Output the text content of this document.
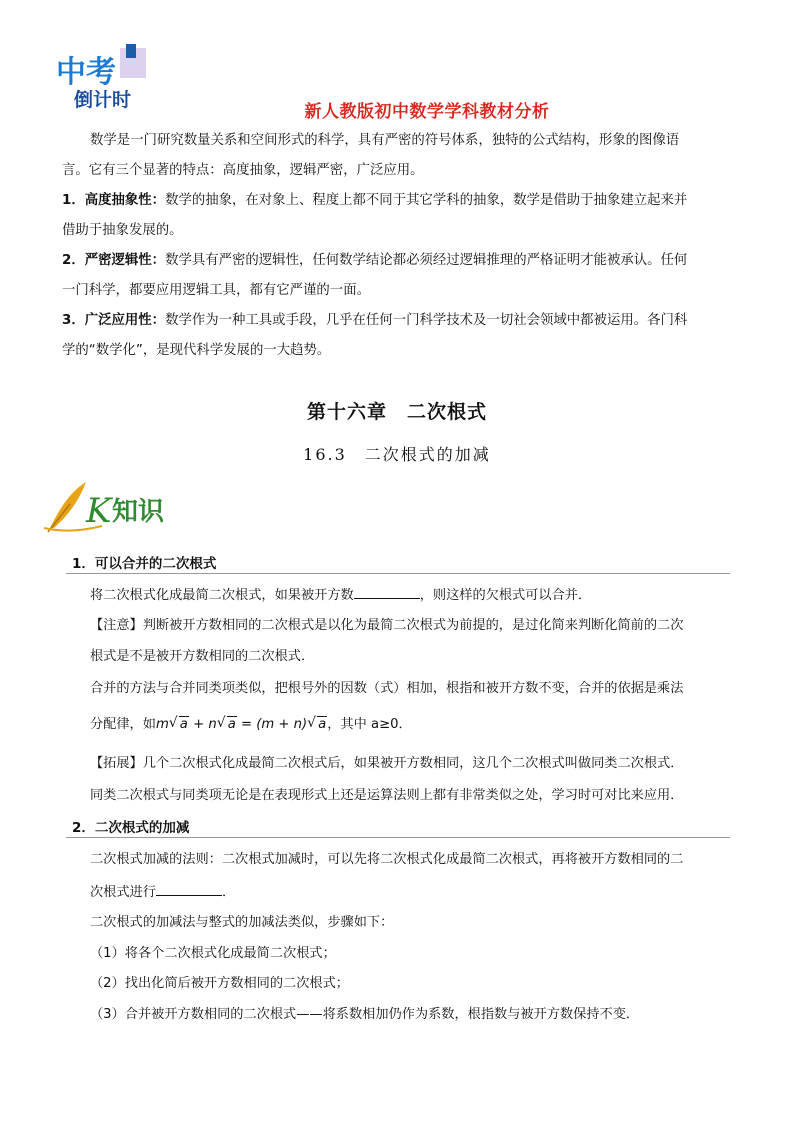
中考
倒计时
新人教版初中数学学科教材分析
数学是一门研究数量关系和空间形式的科学，具有严密的符号体系，独特的公式结构，形象的图像语
言。它有三个显著的特点：高度抽象，逻辑严密，广泛应用。
1．高度抽象性：数学的抽象，在对象上、程度上都不同于其它学科的抽象，数学是借助于抽象建立起来并
借助于抽象发展的。
2．严密逻辑性：数学具有严密的逻辑性，任何数学结论都必须经过逻辑推理的严格证明才能被承认。任何
一门科学，都要应用逻辑工具，都有它严谨的一面。
3．广泛应用性：数学作为一种工具或手段，几乎在任何一门科学技术及一切社会领域中都被运用。各门科
学的“数学化”，是现代科学发展的一大趋势。
第十六章　二次根式
16.3　二次根式的加减
K 知识
1．可以合并的二次根式
将二次根式化成最简二次根式，如果被开方数	，则这样的欠根式可以合并．
【注意】判断被开方数相同的二次根式是以化为最简二次根式为前提的，是过化简来判断化简前的二次
根式是不是被开方数相同的二次根式．
合并的方法与合并同类项类似，把根号外的因数（式）相加，根指和被开方数不变，合并的依据是乘法
分配律，如m √ a + n √ a = (m + n) √ a，其中 a≥0．
【拓展】几个二次根式化成最简二次根式后，如果被开方数相同，这几个二次根式叫做同类二次根式．
同类二次根式与同类项无论是在表现形式上还是运算法则上都有非常类似之处，学习时可对比来应用．
2．二次根式的加减
二次根式加减的法则：二次根式加减时，可以先将二次根式化成最简二次根式，再将被开方数相同的二
次根式进行	．
二次根式的加减法与整式的加减法类似，步骤如下：
（1）将各个二次根式化成最简二次根式；
（2）找出化简后被开方数相同的二次根式；
（3）合并被开方数相同的二次根式——将系数相加仍作为系数，根指数与被开方数保持不变．
